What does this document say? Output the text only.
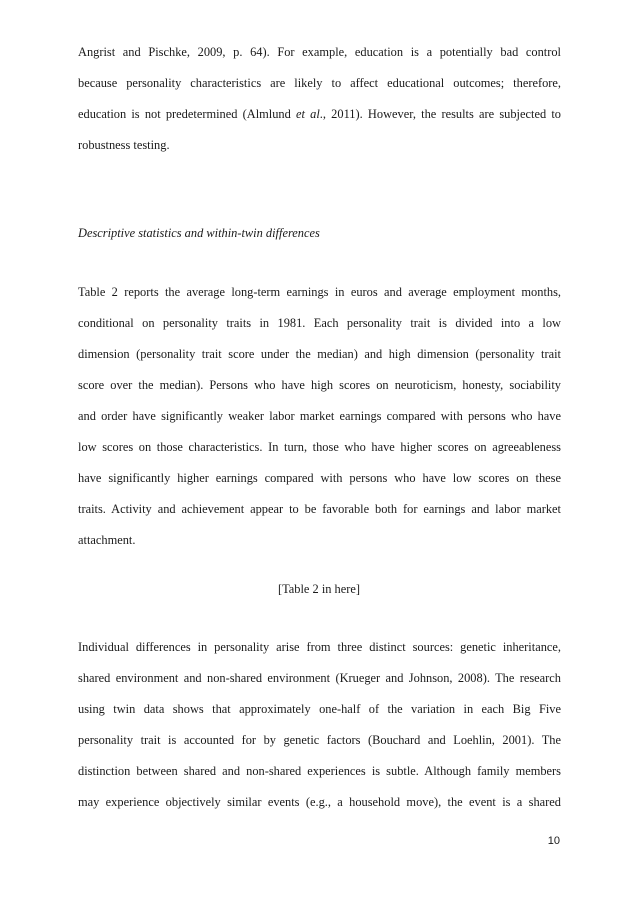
Angrist and Pischke, 2009, p. 64). For example, education is a potentially bad control
because personality characteristics are likely to affect educational outcomes; therefore,
education is not predetermined (Almlund et al., 2011). However, the results are subjected to
robustness testing.
Descriptive statistics and within-twin differences
Table 2 reports the average long-term earnings in euros and average employment months,
conditional on personality traits in 1981. Each personality trait is divided into a low
dimension (personality trait score under the median) and high dimension (personality trait
score over the median). Persons who have high scores on neuroticism, honesty, sociability
and order have significantly weaker labor market earnings compared with persons who have
low scores on those characteristics. In turn, those who have higher scores on agreeableness
have significantly higher earnings compared with persons who have low scores on these
traits. Activity and achievement appear to be favorable both for earnings and labor market
attachment.
[Table 2 in here]
Individual differences in personality arise from three distinct sources: genetic inheritance,
shared environment and non-shared environment (Krueger and Johnson, 2008). The research
using twin data shows that approximately one-half of the variation in each Big Five
personality trait is accounted for by genetic factors (Bouchard and Loehlin, 2001). The
distinction between shared and non-shared experiences is subtle. Although family members
may experience objectively similar events (e.g., a household move), the event is a shared
10
